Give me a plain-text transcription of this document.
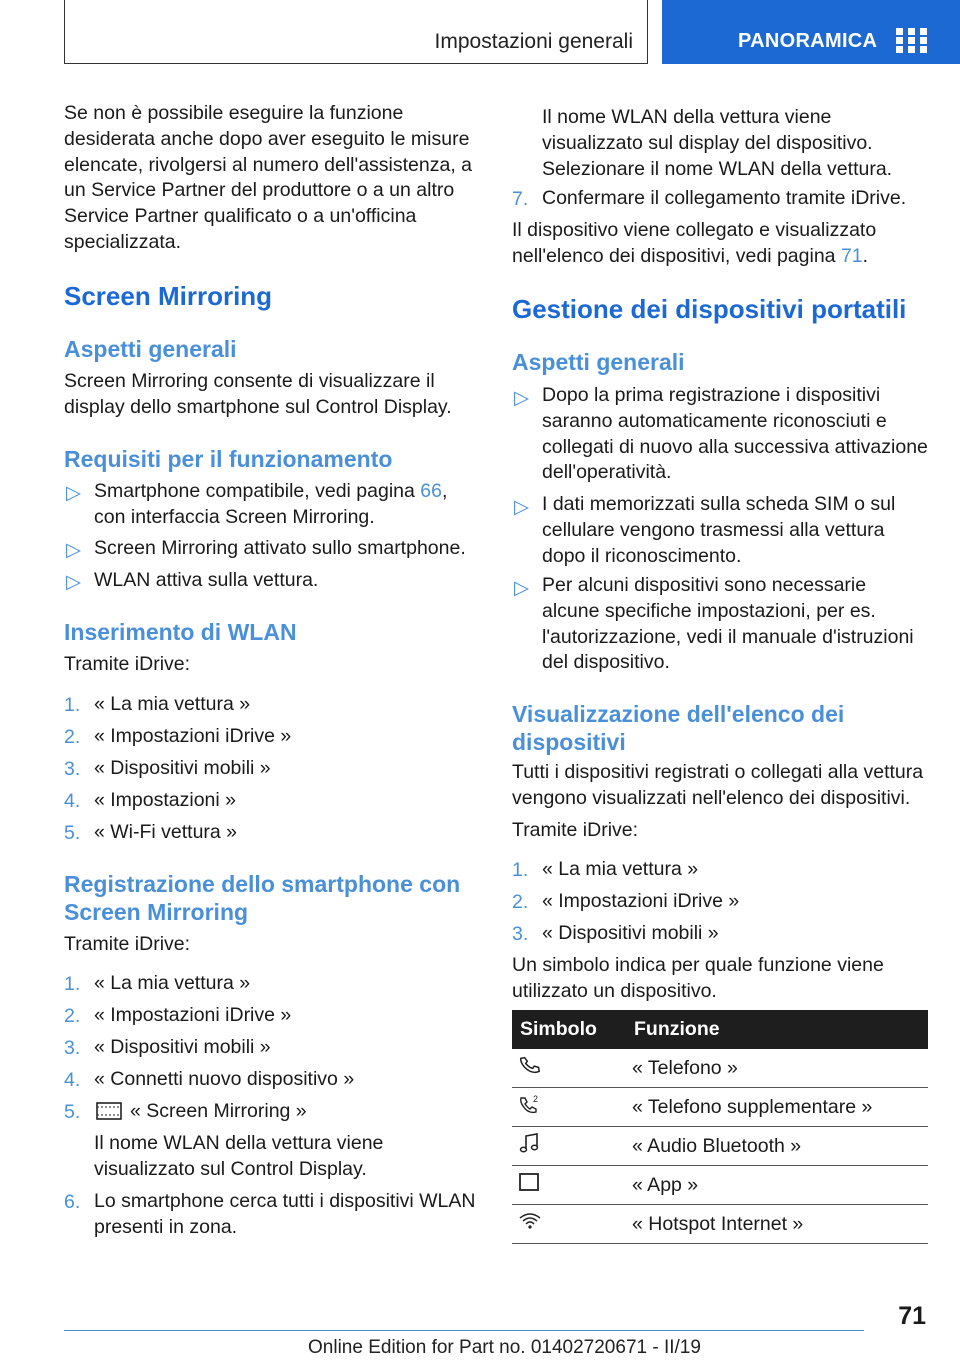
Impostazioni generali	PANORAMICA

Se non è possibile eseguire la funzione desiderata anche dopo aver eseguito le misure elencate, rivolgersi al numero dell'assistenza, a un Service Partner del produttore o a un altro Service Partner qualificato o a un'officina specializzata.

Screen Mirroring
Aspetti generali

Screen Mirroring consente di visualizzare il display dello smartphone sul Control Display.

Requisiti per il funzionamento
▷ Smartphone compatibile, vedi pagina 66, con interfaccia Screen Mirroring.

▷ Screen Mirroring attivato sullo smartphone.

▷ WLAN attiva sulla vettura.

Inserimento di WLAN

Tramite iDrive:

1. « La mia vettura »

2. « Impostazioni iDrive »

3. « Dispositivi mobili »

4. « Impostazioni »

5. « Wi-Fi vettura »

Registrazione dello smartphone con Screen Mirroring

Tramite iDrive:

1. « La mia vettura »

2. « Impostazioni iDrive »

3. « Dispositivi mobili »

4. « Connetti nuovo dispositivo »

5.	« Screen Mirroring »

Il nome WLAN della vettura viene visualizzato sul Control Display.

6. Lo smartphone cerca tutti i dispositivi WLAN presenti in zona.

Il nome WLAN della vettura viene visualizzato sul display del dispositivo. Selezionare il nome WLAN della vettura.

7. Confermare il collegamento tramite iDrive.

Il dispositivo viene collegato e visualizzato nell'elenco dei dispositivi, vedi pagina 71.

Gestione dei dispositivi portatili
Aspetti generali
▷ Dopo la prima registrazione i dispositivi saranno automaticamente riconosciuti e collegati di nuovo alla successiva attivazione dell'operatività.

▷ I dati memorizzati sulla scheda SIM o sul cellulare vengono trasmessi alla vettura dopo il riconoscimento.

▷ Per alcuni dispositivi sono necessarie alcune specifiche impostazioni, per es. l'autorizzazione, vedi il manuale d'istruzioni del dispositivo.

Visualizzazione dell'elenco dei dispositivi

Tutti i dispositivi registrati o collegati alla vettura vengono visualizzati nell'elenco dei dispositivi.

Tramite iDrive:

1. « La mia vettura »

2. « Impostazioni iDrive »

3. « Dispositivi mobili »

Un simbolo indica per quale funzione viene utilizzato un dispositivo.

Simbolo	Funzione
	« Telefono »

2	« Telefono supplementare »
	« Audio Bluetooth »
	« App »
	« Hotspot Internet »
71
Online Edition for Part no. 01402720671 - II/19
